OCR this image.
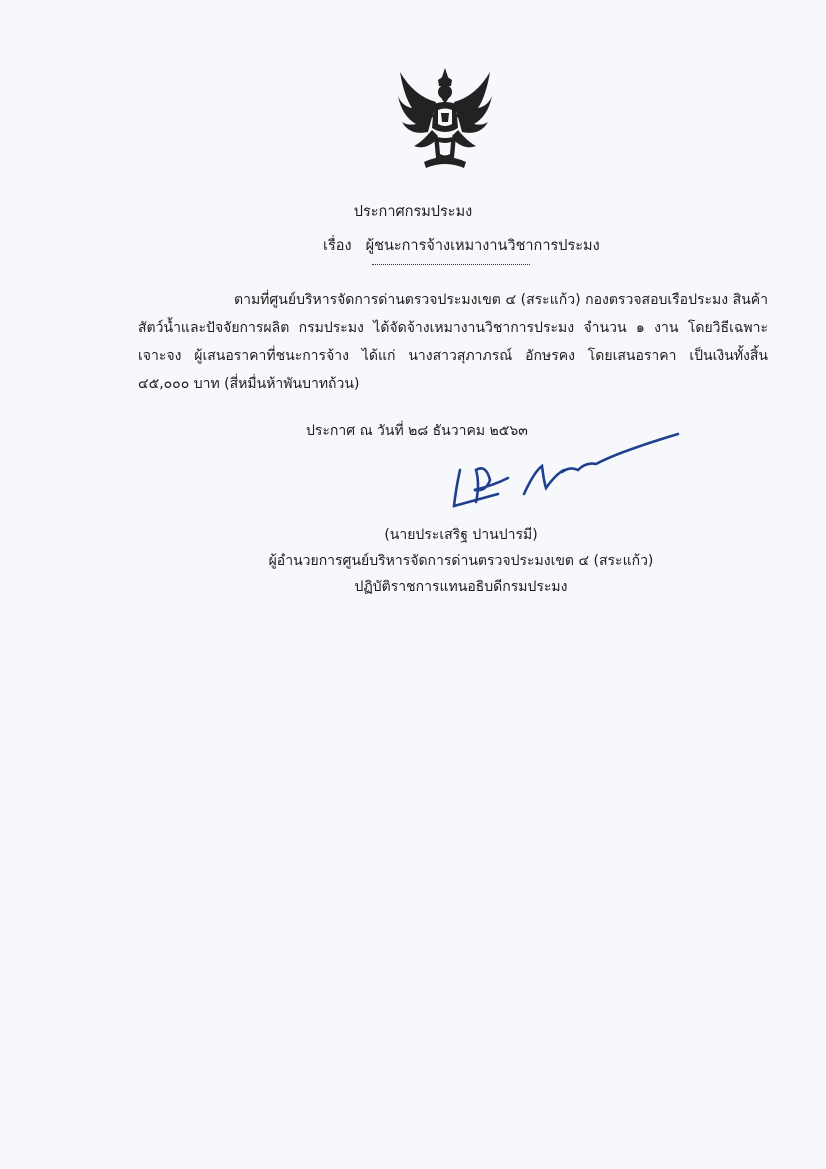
ประกาศกรมประมง
เรื่อง ผู้ชนะการจ้างเหมางานวิชาการประมง

ตามที่ศูนย์บริหารจัดการด่านตรวจประมงเขต ๔ (สระแก้ว) กองตรวจสอบเรือประมง สินค้าสัตว์น้ำและปัจจัยการผลิต กรมประมง ได้จัดจ้างเหมางานวิชาการประมง จำนวน ๑ งาน โดยวิธีเฉพาะเจาะจง ผู้เสนอราคาที่ชนะการจ้าง ได้แก่ นางสาวสุภาภรณ์ อักษรคง โดยเสนอราคา เป็นเงินทั้งสิ้น ๔๕,๐๐๐ บาท (สี่หมื่นห้าพันบาทถ้วน)

ประกาศ ณ วันที่ ๒๘ ธันวาคม ๒๕๖๓
(นายประเสริฐ ปานปารมี)
ผู้อำนวยการศูนย์บริหารจัดการด่านตรวจประมงเขต ๔ (สระแก้ว)
ปฏิบัติราชการแทนอธิบดีกรมประมง
